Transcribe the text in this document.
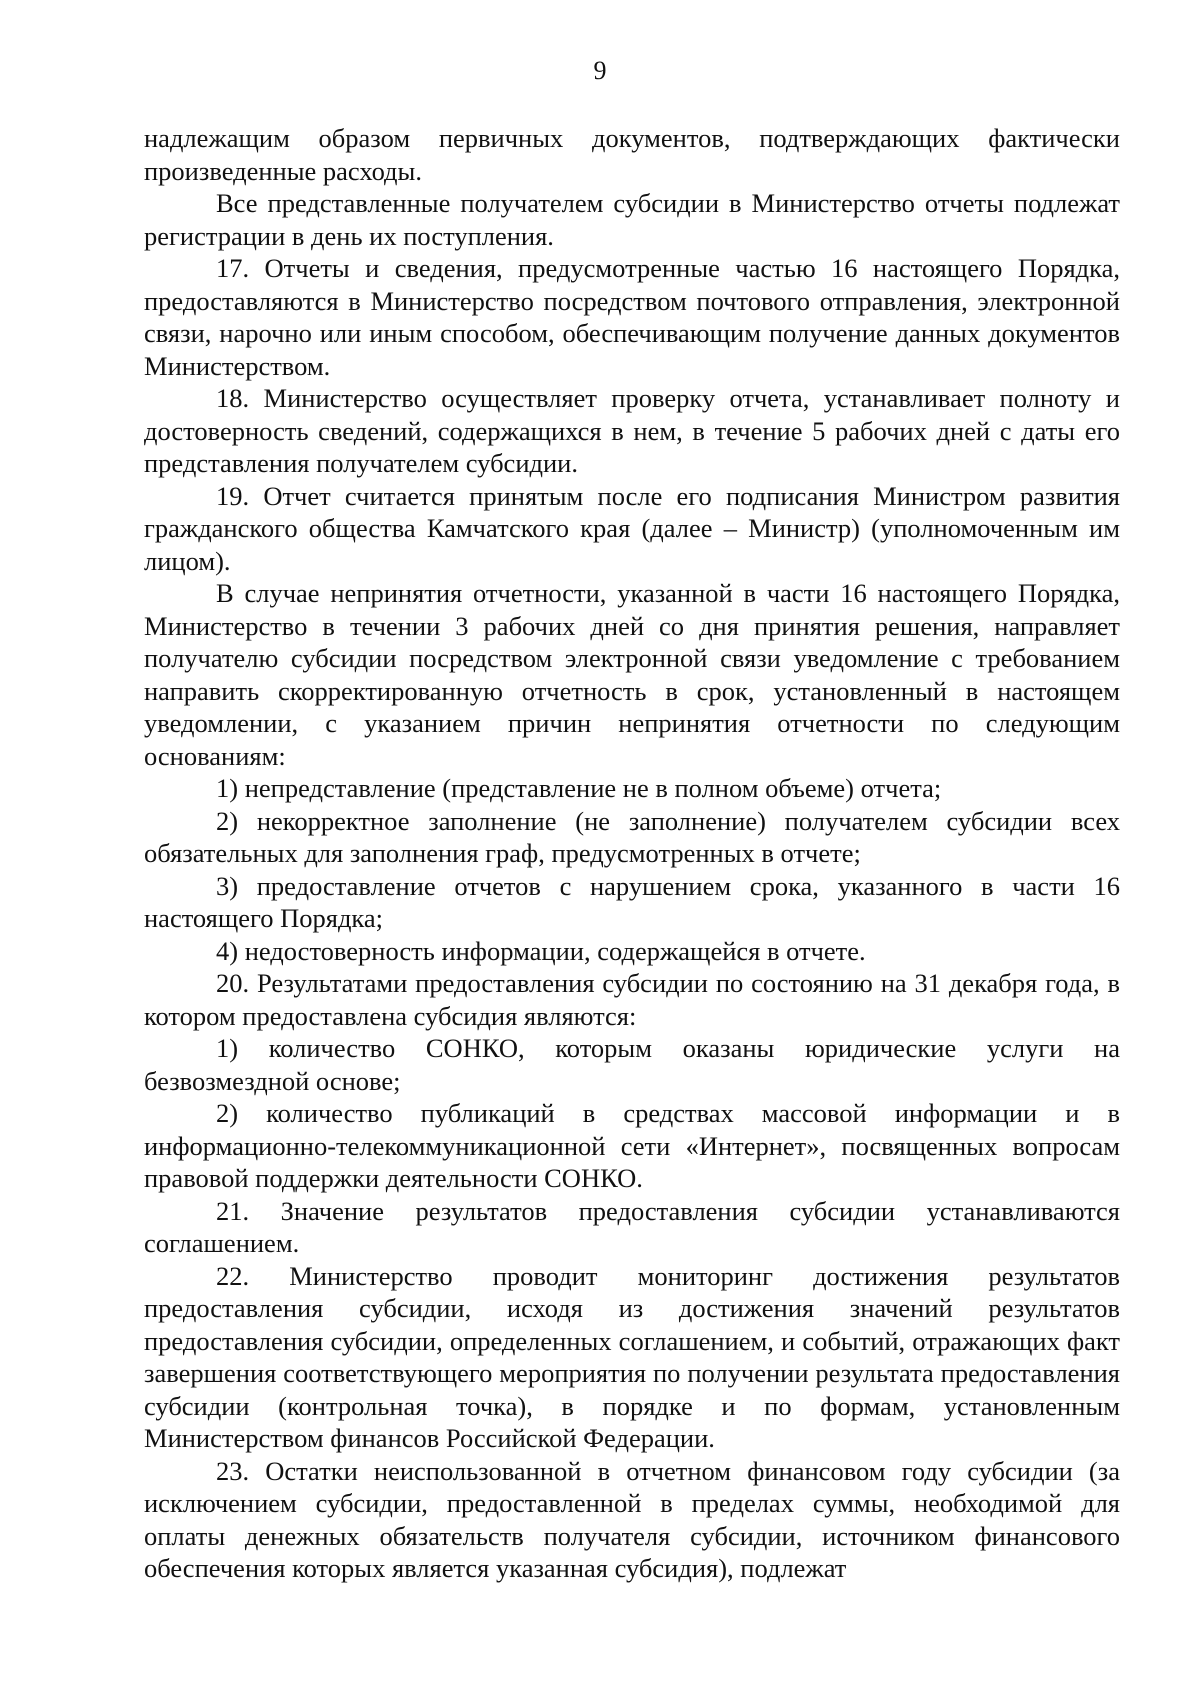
9

надлежащим образом первичных документов, подтверждающих фактически произведенные расходы.

Все представленные получателем субсидии в Министерство отчеты подлежат регистрации в день их поступления.

17. Отчеты и сведения, предусмотренные частью 16 настоящего Порядка, предоставляются в Министерство посредством почтового отправления, электронной связи, нарочно или иным способом, обеспечивающим получение данных документов Министерством.

18. Министерство осуществляет проверку отчета, устанавливает полноту и достоверность сведений, содержащихся в нем, в течение 5 рабочих дней с даты его представления получателем субсидии.

19. Отчет считается принятым после его подписания Министром развития гражданского общества Камчатского края (далее – Министр) (уполномоченным им лицом).

В случае непринятия отчетности, указанной в части 16 настоящего Порядка, Министерство в течении 3 рабочих дней со дня принятия решения, направляет получателю субсидии посредством электронной связи уведомление с требованием направить скорректированную отчетность в срок, установленный в настоящем уведомлении, с указанием причин непринятия отчетности по следующим основаниям:

1) непредставление (представление не в полном объеме) отчета;

2) некорректное заполнение (не заполнение) получателем субсидии всех обязательных для заполнения граф, предусмотренных в отчете;

3) предоставление отчетов с нарушением срока, указанного в части 16 настоящего Порядка;

4) недостоверность информации, содержащейся в отчете.

20. Результатами предоставления субсидии по состоянию на 31 декабря года, в котором предоставлена субсидия являются:

1) количество СОНКО, которым оказаны юридические услуги на безвозмездной основе;

2) количество публикаций в средствах массовой информации и в информационно-телекоммуникационной сети «Интернет», посвященных вопросам правовой поддержки деятельности СОНКО.

21. Значение результатов предоставления субсидии устанавливаются соглашением.

22. Министерство проводит мониторинг достижения результатов предоставления субсидии, исходя из достижения значений результатов предоставления субсидии, определенных соглашением, и событий, отражающих факт завершения соответствующего мероприятия по получении результата предоставления субсидии (контрольная точка), в порядке и по формам, установленным Министерством финансов Российской Федерации.

23. Остатки неиспользованной в отчетном финансовом году субсидии (за исключением субсидии, предоставленной в пределах суммы, необходимой для оплаты денежных обязательств получателя субсидии, источником финансового обеспечения которых является указанная субсидия), подлежат
